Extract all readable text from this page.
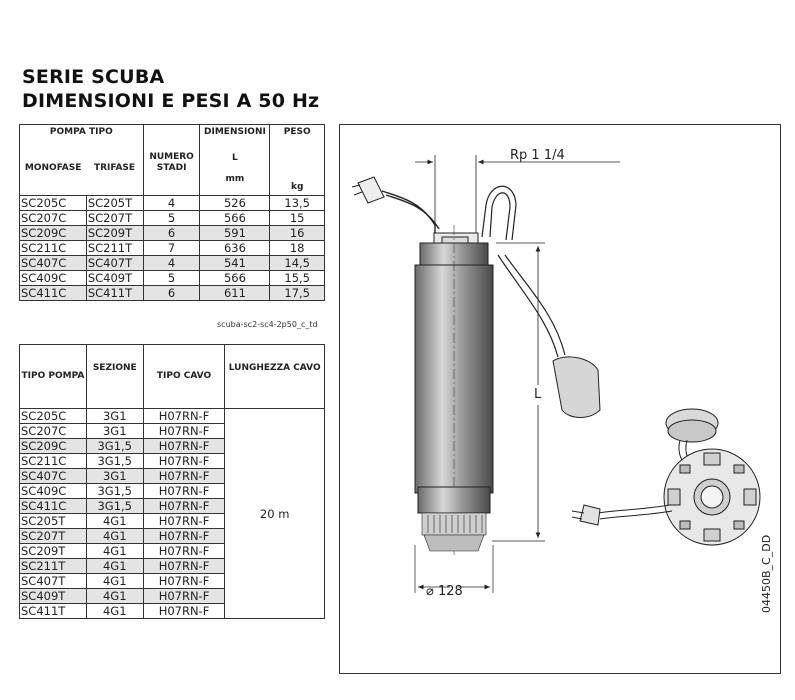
SERIE SCUBA
DIMENSIONI E PESI A 50 Hz
POMPA TIPO		NUMERO STADI	DIMENSIONI	PESO
MONOFASE	TRIFASE		L	
			mm	kg
SC205C	SC205T	4	526	13,5
SC207C	SC207T	5	566	15
SC209C	SC209T	6	591	16
SC211C	SC211T	7	636	18
SC407C	SC407T	4	541	14,5
SC409C	SC409T	5	566	15,5
SC411C	SC411T	6	611	17,5
scuba-sc2-sc4-2p50_c_td
TIPO POMPA	SEZIONE	TIPO CAVO	LUNGHEZZA CAVO
SC205C	3G1	H07RN-F	20 m
SC207C	3G1	H07RN-F	
SC209C	3G1,5	H07RN-F	
SC211C	3G1,5	H07RN-F	
SC407C	3G1	H07RN-F	
SC409C	3G1,5	H07RN-F	
SC411C	3G1,5	H07RN-F	
SC205T	4G1	H07RN-F	
SC207T	4G1	H07RN-F	
SC209T	4G1	H07RN-F	
SC211T	4G1	H07RN-F	
SC407T	4G1	H07RN-F	
SC409T	4G1	H07RN-F	
SC411T	4G1	H07RN-F	
Rp 1 1/4
L
⌀ 128	04450B_C_DD
